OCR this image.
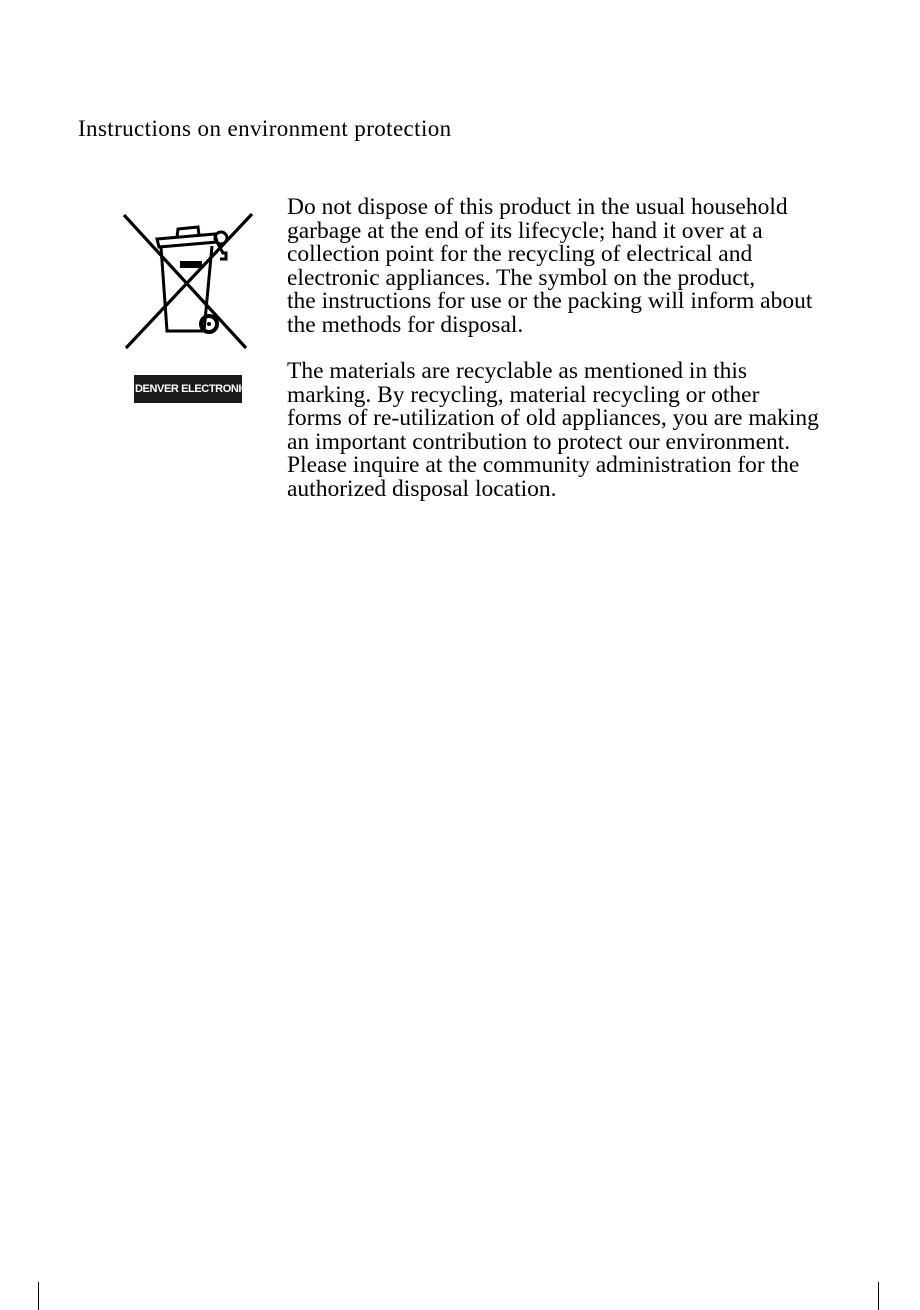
Instructions on environment protection
DENVER ELECTRONICS

Do not dispose of this product in the usual household
garbage at the end of its lifecycle; hand it over at a
collection point for the recycling of electrical and
electronic appliances. The symbol on the product,
the instructions for use or the packing will inform about
the methods for disposal.

The materials are recyclable as mentioned in this
marking. By recycling, material recycling or other
forms of re-utilization of old appliances, you are making
an important contribution to protect our environment.
Please inquire at the community administration for the
authorized disposal location.
